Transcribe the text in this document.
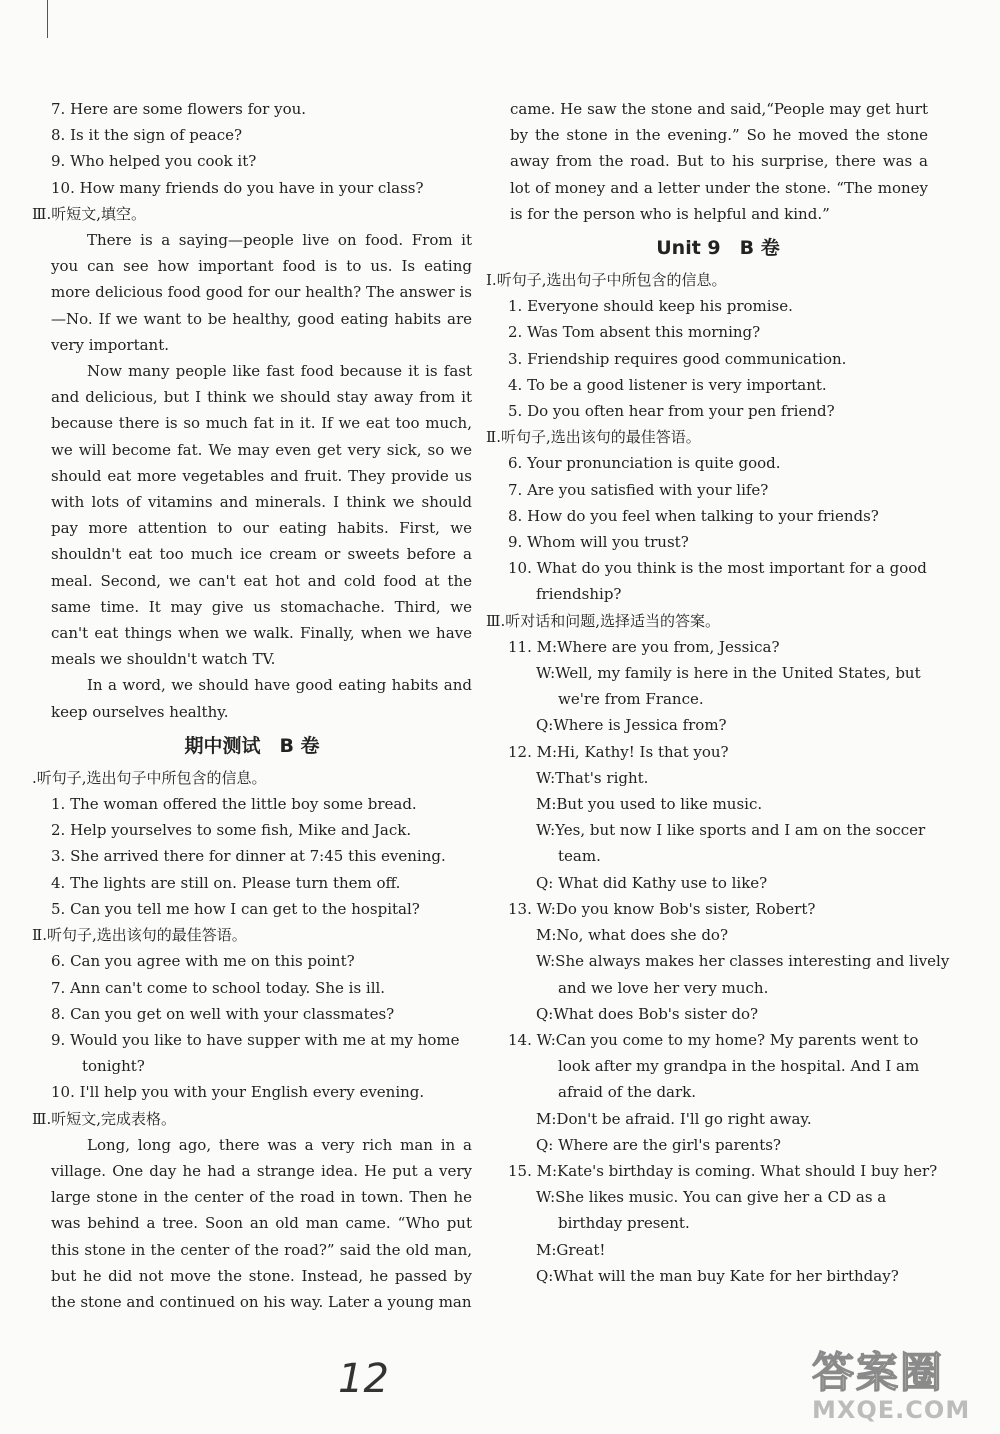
7. Here are some flowers for you.
8. Is it the sign of peace?
9. Who helped you cook it?
10. How many friends do you have in your class?
Ⅲ.听短文,填空。
There is a saying—people live on food. From it you can see how important food is to us. Is eating more delicious food good for our health? The answer is—No. If we want to be healthy, good eating habits are very important.
Now many people like fast food because it is fast and delicious, but I think we should stay away from it because there is so much fat in it. If we eat too much, we will become fat. We may even get very sick, so we should eat more vegetables and fruit. They provide us with lots of vitamins and minerals. I think we should pay more attention to our eating habits. First, we shouldn't eat too much ice cream or sweets before a meal. Second, we can't eat hot and cold food at the same time. It may give us stomachache. Third, we can't eat things when we walk. Finally, when we have meals we shouldn't watch TV.
In a word, we should have good eating habits and keep ourselves healthy.
期中测试　B 卷
.听句子,选出句子中所包含的信息。
1. The woman offered the little boy some bread.
2. Help yourselves to some fish, Mike and Jack.
3. She arrived there for dinner at 7:45 this evening.
4. The lights are still on. Please turn them off.
5. Can you tell me how I can get to the hospital?
Ⅱ.听句子,选出该句的最佳答语。
6. Can you agree with me on this point?
7. Ann can't come to school today. She is ill.
8. Can you get on well with your classmates?
9. Would you like to have supper with me at my home
tonight?
10. I'll help you with your English every evening.
Ⅲ.听短文,完成表格。
Long, long ago, there was a very rich man in a village. One day he had a strange idea. He put a very large stone in the center of the road in town. Then he was behind a tree. Soon an old man came. “Who put this stone in the center of the road?” said the old man, but he did not move the stone. Instead, he passed by the stone and continued on his way. Later a young man
came. He saw the stone and said,“People may get hurt by the stone in the evening.” So he moved the stone away from the road. But to his surprise, there was a lot of money and a letter under the stone. “The money is for the person who is helpful and kind.”
Unit 9　B 卷
Ⅰ.听句子,选出句子中所包含的信息。
1. Everyone should keep his promise.
2. Was Tom absent this morning?
3. Friendship requires good communication.
4. To be a good listener is very important.
5. Do you often hear from your pen friend?
Ⅱ.听句子,选出该句的最佳答语。
6. Your pronunciation is quite good.
7. Are you satisfied with your life?
8. How do you feel when talking to your friends?
9. Whom will you trust?
10. What do you think is the most important for a good
friendship?
Ⅲ.听对话和问题,选择适当的答案。
11. M:Where are you from, Jessica?
W:Well, my family is here in the United States, but
we're from France.
Q:Where is Jessica from?
12. M:Hi, Kathy! Is that you?
W:That's right.
M:But you used to like music.
W:Yes, but now I like sports and I am on the soccer
team.
Q: What did Kathy use to like?
13. W:Do you know Bob's sister, Robert?
M:No, what does she do?
W:She always makes her classes interesting and lively
and we love her very much.
Q:What does Bob's sister do?
14. W:Can you come to my home? My parents went to
look after my grandpa in the hospital. And I am
afraid of the dark.
M:Don't be afraid. I'll go right away.
Q: Where are the girl's parents?
15. M:Kate's birthday is coming. What should I buy her?
W:She likes music. You can give her a CD as a
birthday present.
M:Great!
Q:What will the man buy Kate for her birthday?
12	答案圈
MXQE.COM
